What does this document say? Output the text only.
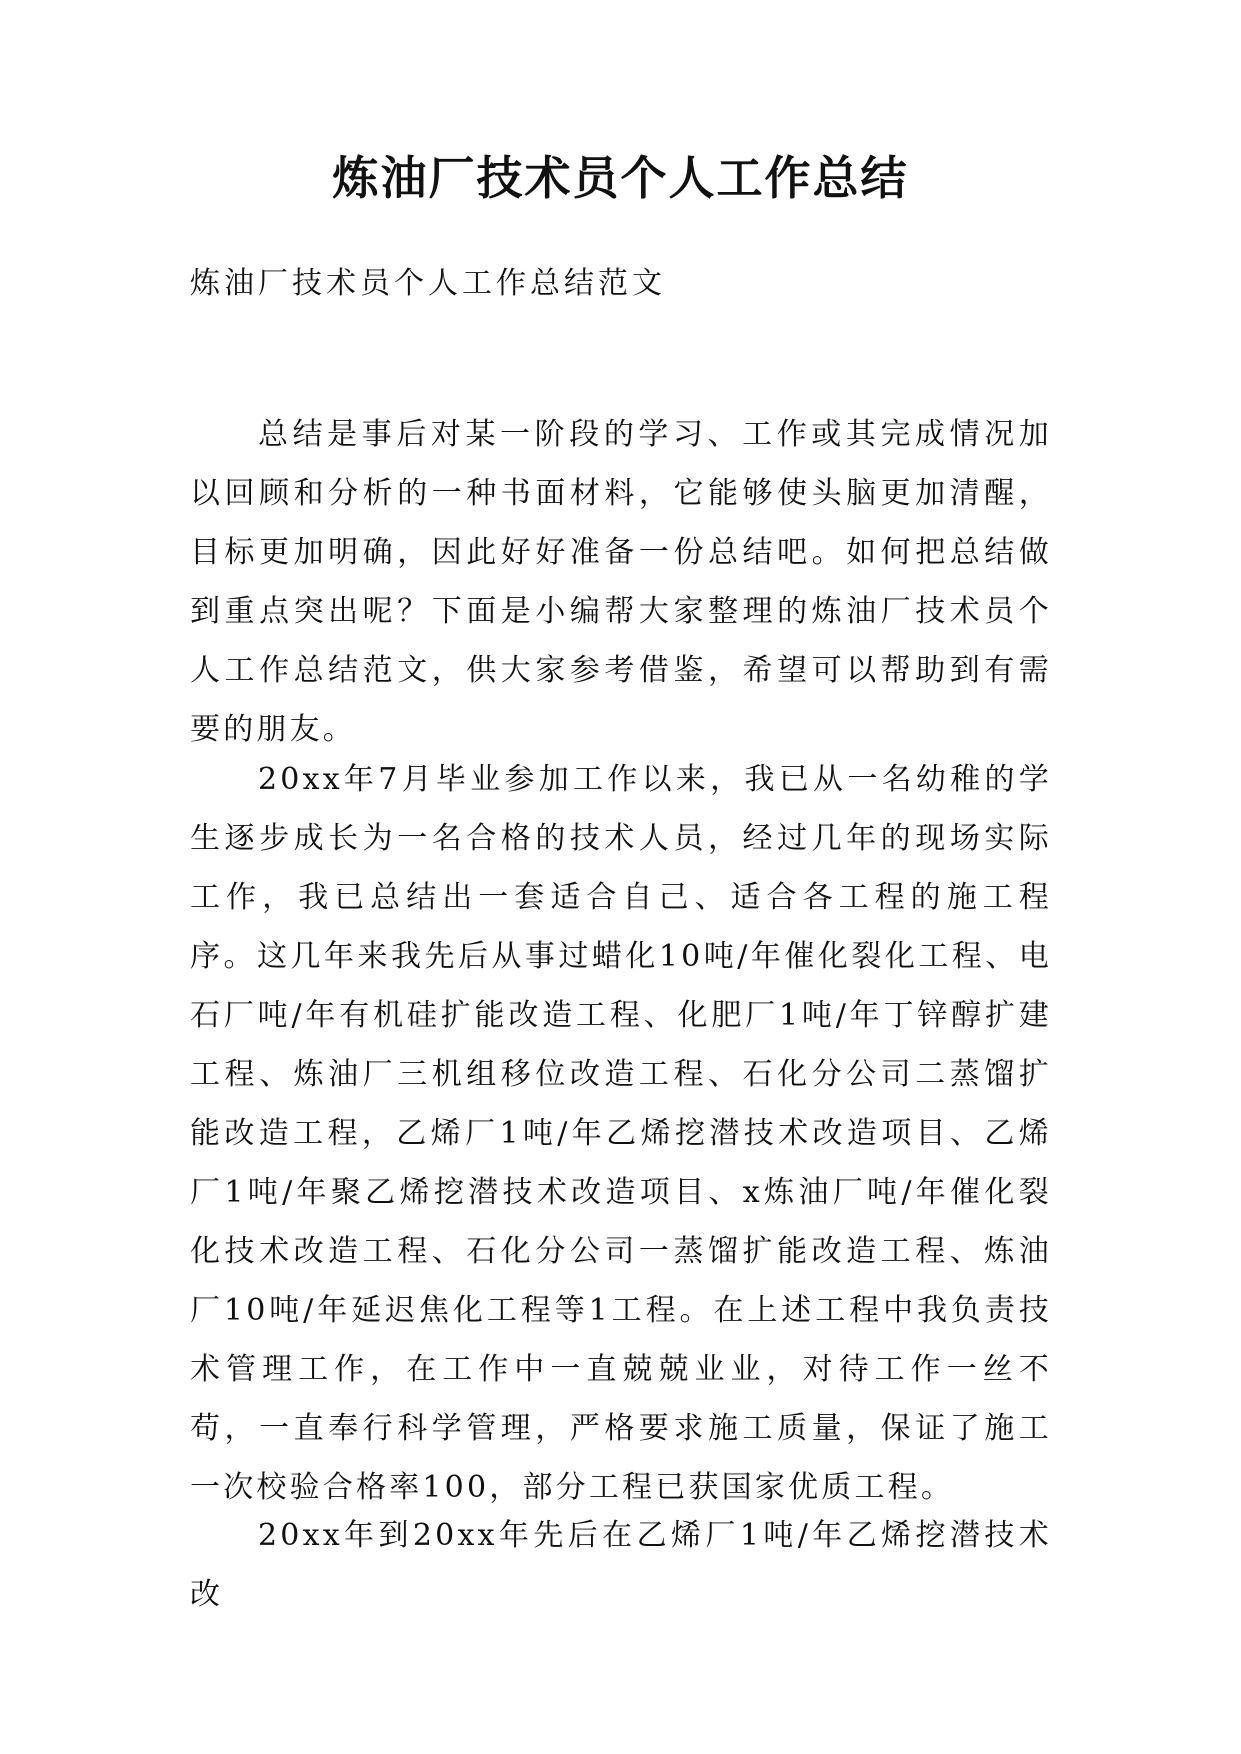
炼油厂技术员个人工作总结
炼油厂技术员个人工作总结范文

总结是事后对某一阶段的学习、工作或其完成情况加以回顾和分析的一种书面材料，它能够使头脑更加清醒，目标更加明确，因此好好准备一份总结吧。如何把总结做到重点突出呢？下面是小编帮大家整理的炼油厂技术员个人工作总结范文，供大家参考借鉴，希望可以帮助到有需要的朋友。

20xx年7月毕业参加工作以来，我已从一名幼稚的学生逐步成长为一名合格的技术人员，经过几年的现场实际工作，我已总结出一套适合自己、适合各工程的施工程序。这几年来我先后从事过蜡化10吨/年催化裂化工程、电石厂吨/年有机硅扩能改造工程、化肥厂1吨/年丁锌醇扩建工程、炼油厂三机组移位改造工程、石化分公司二蒸馏扩能改造工程，乙烯厂1吨/年乙烯挖潜技术改造项目、乙烯厂1吨/年聚乙烯挖潜技术改造项目、x炼油厂吨/年催化裂化技术改造工程、石化分公司一蒸馏扩能改造工程、炼油厂10吨/年延迟焦化工程等1工程。在上述工程中我负责技术管理工作，在工作中一直兢兢业业，对待工作一丝不苟，一直奉行科学管理，严格要求施工质量，保证了施工一次校验合格率100，部分工程已获国家优质工程。

20xx年到20xx年先后在乙烯厂1吨/年乙烯挖潜技术改
